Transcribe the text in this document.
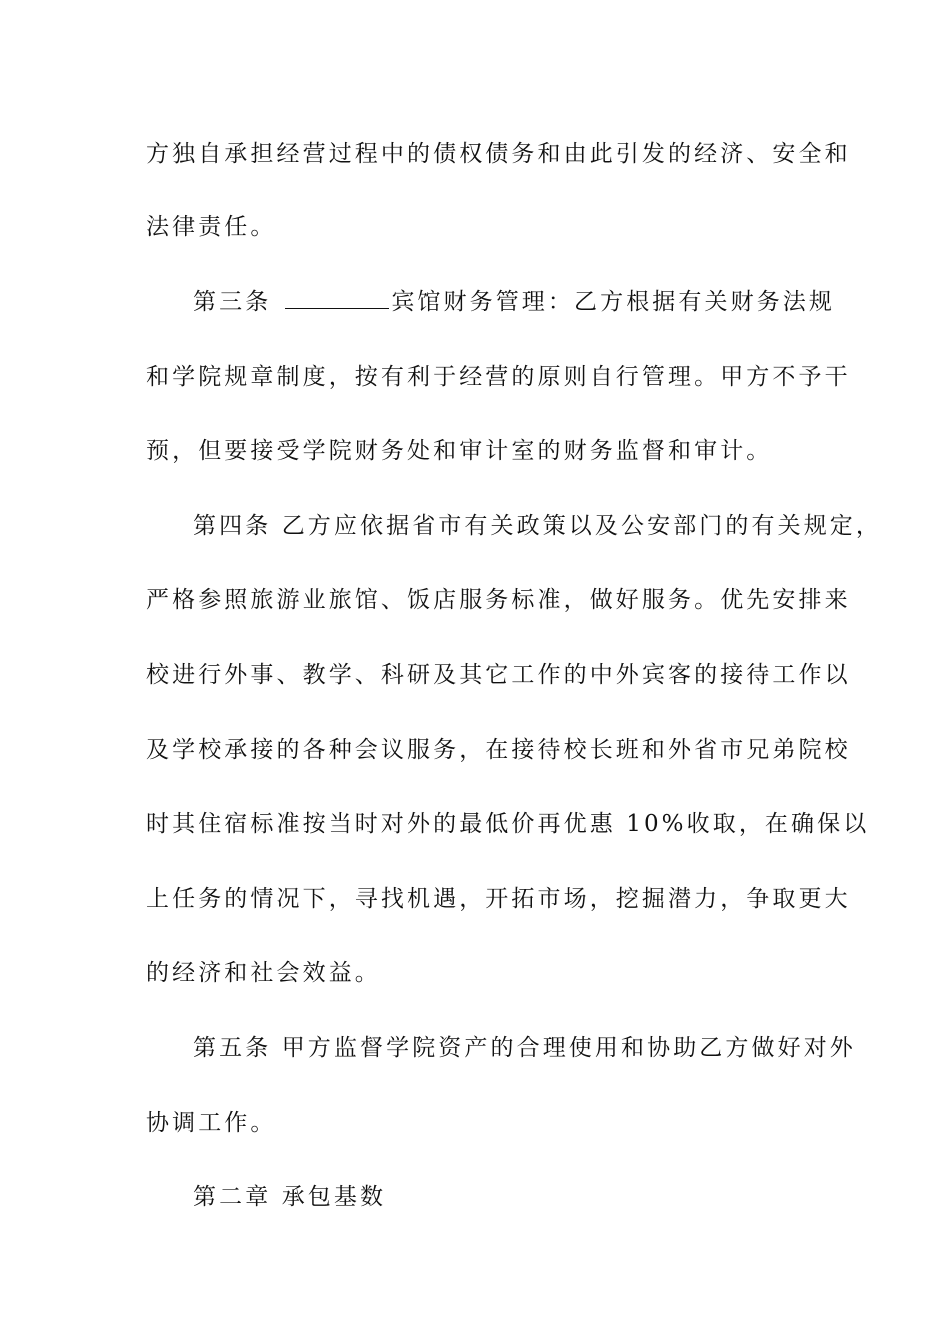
方独自承担经营过程中的债权债务和由此引发的经济、安全和
法律责任。
第三条	宾馆财务管理：乙方根据有关财务法规
和学院规章制度，按有利于经营的原则自行管理。甲方不予干
预，但要接受学院财务处和审计室的财务监督和审计。
第四条 乙方应依据省市有关政策以及公安部门的有关规定，
严格参照旅游业旅馆、饭店服务标准，做好服务。优先安排来
校进行外事、教学、科研及其它工作的中外宾客的接待工作以
及学校承接的各种会议服务，在接待校长班和外省市兄弟院校
时其住宿标准按当时对外的最低价再优惠 10%收取，在确保以
上任务的情况下，寻找机遇，开拓市场，挖掘潜力，争取更大
的经济和社会效益。
第五条 甲方监督学院资产的合理使用和协助乙方做好对外
协调工作。
第二章 承包基数
